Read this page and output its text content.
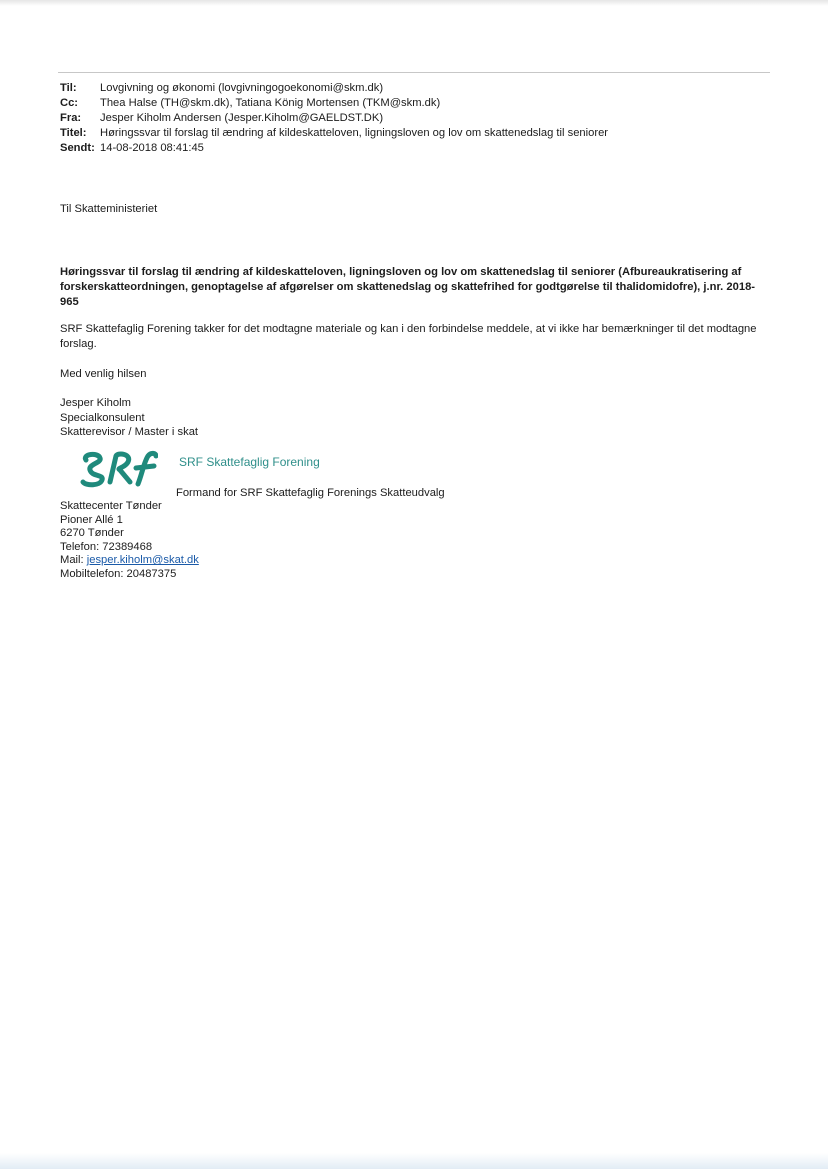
Til:	Lovgivning og økonomi (lovgivningogoekonomi@skm.dk)
Cc:	Thea Halse (TH@skm.dk), Tatiana König Mortensen (TKM@skm.dk)
Fra:	Jesper Kiholm Andersen (Jesper.Kiholm@GAELDST.DK)
Titel:	Høringssvar til forslag til ændring af kildeskatteloven, ligningsloven og lov om skattenedslag til seniorer
Sendt: 14-08-2018 08:41:45
Til Skatteministeriet
Høringssvar til forslag til ændring af kildeskatteloven, ligningsloven og lov om skattenedslag til seniorer (Afbureaukratisering af forskerskatteordningen, genoptagelse af afgørelser om skattenedslag og skattefrihed for godtgørelse til thalidomidofre), j.nr. 2018-965
SRF Skattefaglig Forening takker for det modtagne materiale og kan i den forbindelse meddele, at vi ikke har bemærkninger til det modtagne forslag.
Med venlig hilsen
Jesper Kiholm
Specialkonsulent
Skatterevisor / Master i skat
SRF Skattefaglig Forening
Formand for SRF Skattefaglig Forenings Skatteudvalg
Skattecenter Tønder
Pioner Allé 1
6270 Tønder
Telefon: 72389468
Mail: jesper.kiholm@skat.dk
Mobiltelefon: 20487375
